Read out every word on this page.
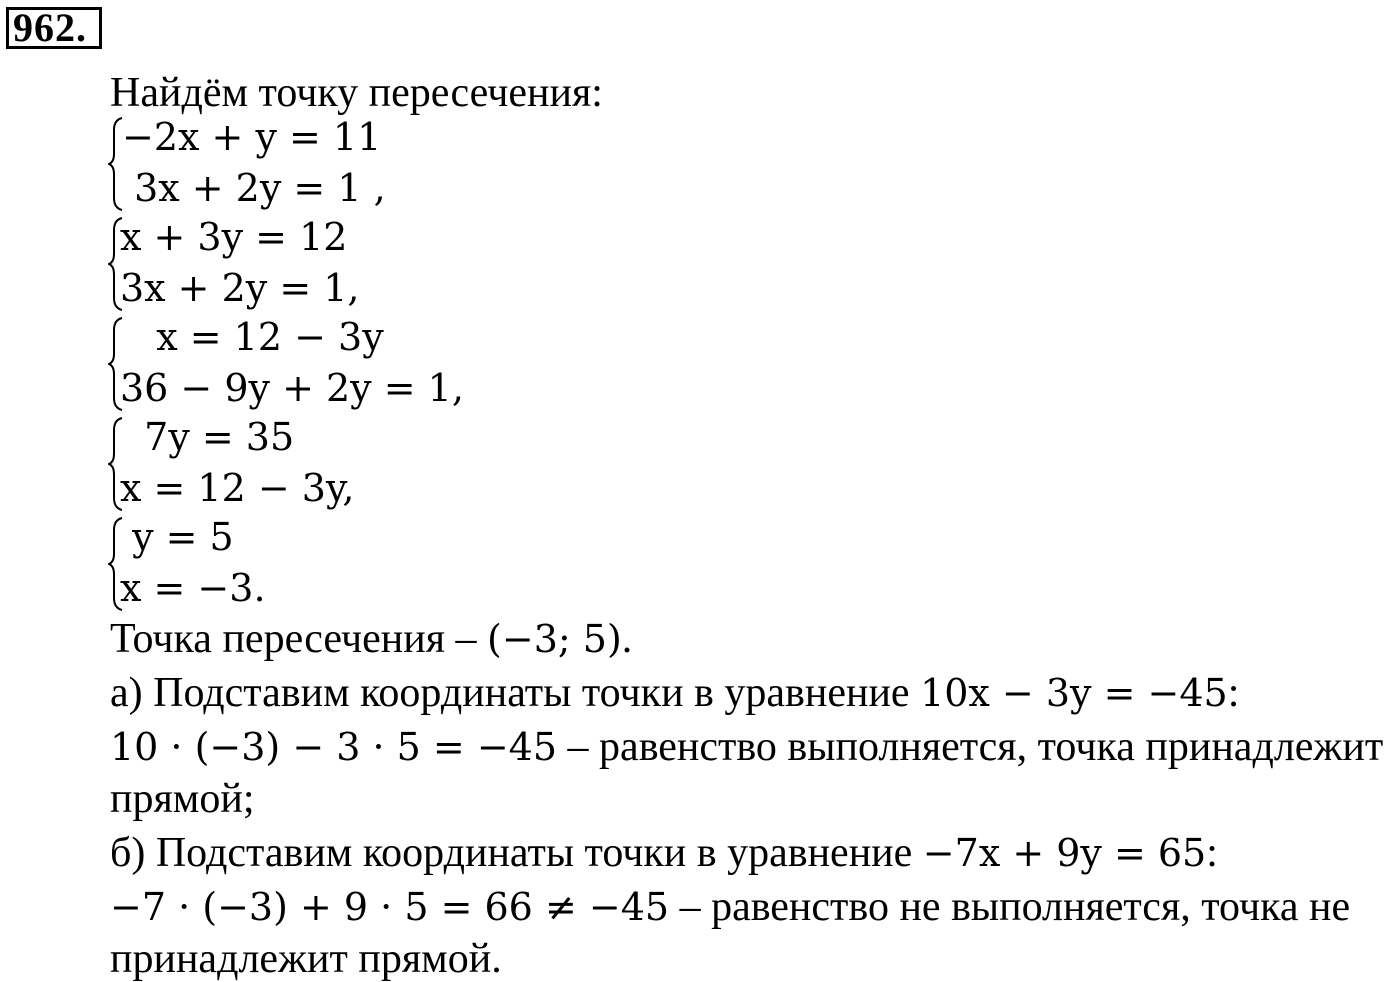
962.
Найдём точку пересечения:
−2x + y = 11
3x + 2y = 1 ,
x + 3y = 12
3x + 2y = 1,
x = 12 − 3y
36 − 9y + 2y = 1,
7y = 35
x = 12 − 3y,
y = 5
x = −3.
Точка пересечения – (−3; 5).
а) Подставим координаты точки в уравнение 10x − 3y = −45:
10 · (−3) − 3 · 5 = −45 – равенство выполняется, точка принадлежит
прямой;
б) Подставим координаты точки в уравнение −7x + 9y = 65:
−7 · (−3) + 9 · 5 = 66 ≠ −45 – равенство не выполняется, точка не
принадлежит прямой.
